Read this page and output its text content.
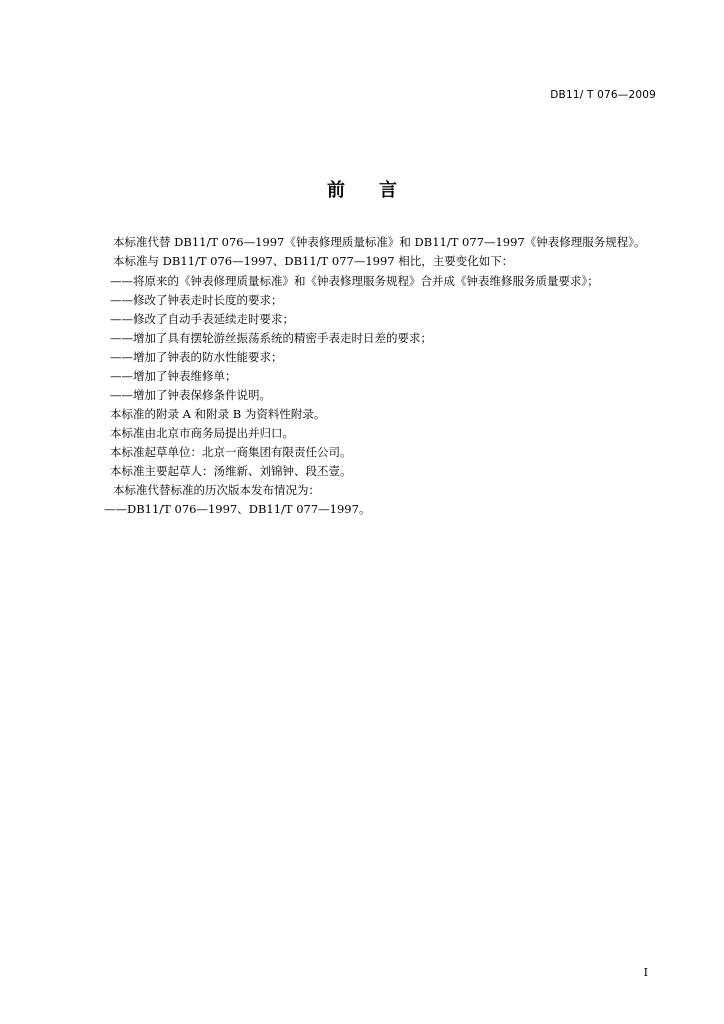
DB11/ T 076—2009
前言
本标准代替 DB11/T 076—1997《钟表修理质量标准》和 DB11/T 077—1997《钟表修理服务规程》。
本标准与 DB11/T 076—1997、DB11/T 077—1997 相比，主要变化如下：
——将原来的《钟表修理质量标准》和《钟表修理服务规程》合并成《钟表维修服务质量要求》；
——修改了钟表走时长度的要求；
——修改了自动手表延续走时要求；
——增加了具有摆轮游丝振荡系统的精密手表走时日差的要求；
——增加了钟表的防水性能要求；
——增加了钟表维修单；
——增加了钟表保修条件说明。
本标准的附录 A 和附录 B 为资料性附录。
本标准由北京市商务局提出并归口。
本标准起草单位：北京一商集团有限责任公司。
本标准主要起草人：汤维新、刘锦钟、段丕壹。
本标准代替标准的历次版本发布情况为：
——DB11/T 076—1997、DB11/T 077—1997。
I
